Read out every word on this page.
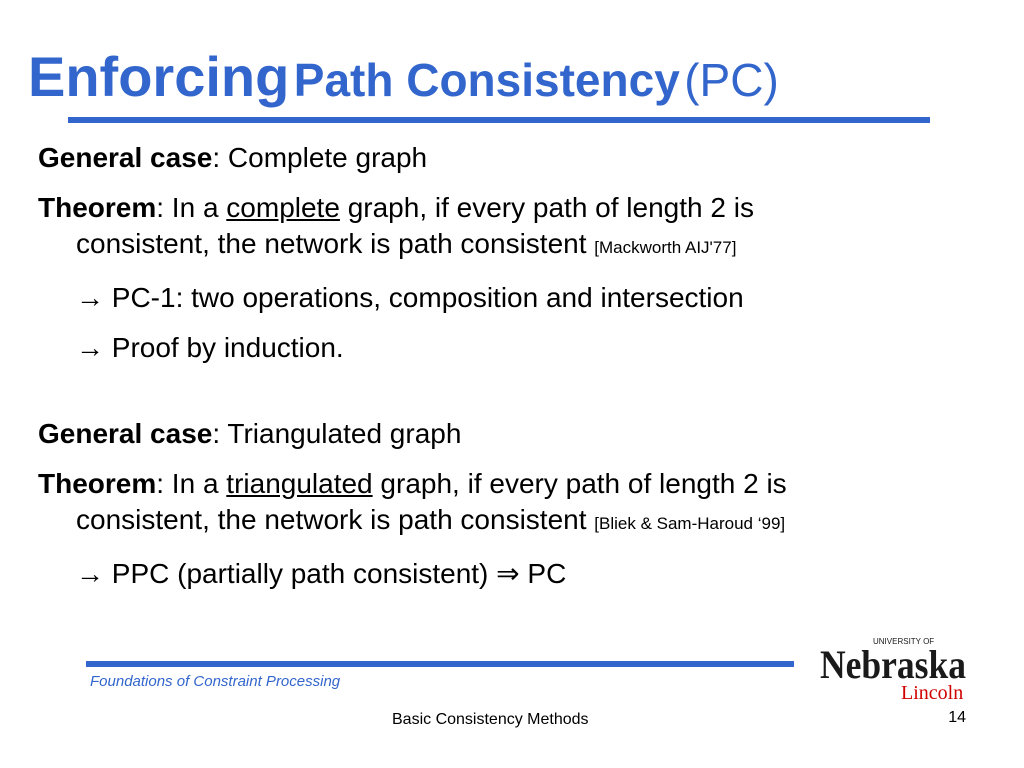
Enforcing Path Consistency (PC)

General case: Complete graph

Theorem: In a complete graph, if every path of length 2 is
consistent, the network is path consistent [Mackworth AIJ'77]

→ PC-1: two operations, composition and intersection

→ Proof by induction.

General case: Triangulated graph

Theorem: In a triangulated graph, if every path of length 2 is
consistent, the network is path consistent [Bliek & Sam-Haroud ‘99]

→ PPC (partially path consistent) ⇒ PC

Foundations of Constraint Processing
Basic Consistency Methods	14
UNIVERSITY OF
Nebraska
Lincoln
